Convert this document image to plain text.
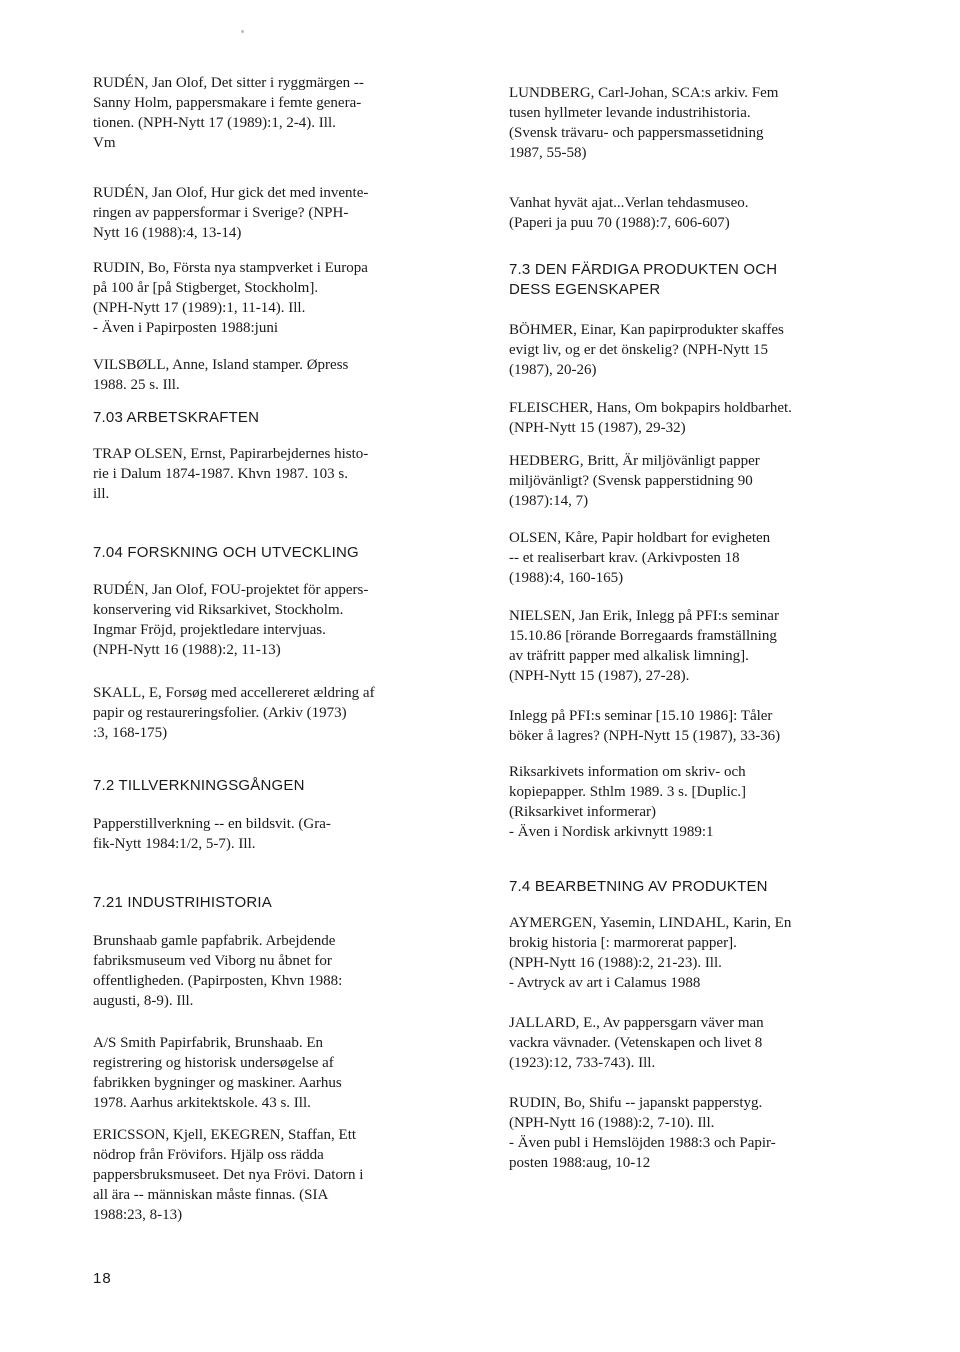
RUDÉN, Jan Olof, Det sitter i ryggmärgen --
Sanny Holm, pappersmakare i femte genera-
tionen. (NPH-Nytt 17 (1989):1, 2-4). Ill.
Vm

RUDÉN, Jan Olof, Hur gick det med invente-
ringen av pappersformar i Sverige? (NPH-
Nytt 16 (1988):4, 13-14)

RUDIN, Bo, Första nya stampverket i Europa
på 100 år [på Stigberget, Stockholm].
(NPH-Nytt 17 (1989):1, 11-14). Ill.
- Även i Papirposten 1988:juni

VILSBØLL, Anne, Island stamper. Øpress
1988. 25 s. Ill.

7.03 ARBETSKRAFTEN

TRAP OLSEN, Ernst, Papirarbejdernes histo-
rie i Dalum 1874-1987. Khvn 1987. 103 s.
ill.

7.04 FORSKNING OCH UTVECKLING

RUDÉN, Jan Olof, FOU-projektet för appers-
konservering vid Riksarkivet, Stockholm.
Ingmar Fröjd, projektledare intervjuas.
(NPH-Nytt 16 (1988):2, 11-13)

SKALL, E, Forsøg med accellereret ældring af
papir og restaureringsfolier. (Arkiv (1973)
:3, 168-175)

7.2 TILLVERKNINGSGÅNGEN

Papperstillverkning -- en bildsvit. (Gra-
fik-Nytt 1984:1/2, 5-7). Ill.

7.21 INDUSTRIHISTORIA

Brunshaab gamle papfabrik. Arbejdende
fabriksmuseum ved Viborg nu åbnet for
offentligheden. (Papirposten, Khvn 1988:
augusti, 8-9). Ill.

A/S Smith Papirfabrik, Brunshaab. En
registrering og historisk undersøgelse af
fabrikken bygninger og maskiner. Aarhus
1978. Aarhus arkitektskole. 43 s. Ill.

ERICSSON, Kjell, EKEGREN, Staffan, Ett
nödrop från Frövifors. Hjälp oss rädda
pappersbruksmuseet. Det nya Frövi. Datorn i
all ära -- människan måste finnas. (SIA
1988:23, 8-13)

LUNDBERG, Carl-Johan, SCA:s arkiv. Fem
tusen hyllmeter levande industrihistoria.
(Svensk trävaru- och pappersmassetidning
1987, 55-58)

Vanhat hyvät ajat...Verlan tehdasmuseo.
(Paperi ja puu 70 (1988):7, 606-607)

7.3 DEN FÄRDIGA PRODUKTEN OCH
DESS EGENSKAPER

BÖHMER, Einar, Kan papirprodukter skaffes
evigt liv, og er det önskelig? (NPH-Nytt 15
(1987), 20-26)

FLEISCHER, Hans, Om bokpapirs holdbarhet.
(NPH-Nytt 15 (1987), 29-32)

HEDBERG, Britt, Är miljövänligt papper
miljövänligt? (Svensk papperstidning 90
(1987):14, 7)

OLSEN, Kåre, Papir holdbart for evigheten
-- et realiserbart krav. (Arkivposten 18
(1988):4, 160-165)

NIELSEN, Jan Erik, Inlegg på PFI:s seminar
15.10.86 [rörande Borregaards framställning
av träfritt papper med alkalisk limning].
(NPH-Nytt 15 (1987), 27-28).

Inlegg på PFI:s seminar [15.10 1986]: Tåler
böker å lagres? (NPH-Nytt 15 (1987), 33-36)

Riksarkivets information om skriv- och
kopiepapper. Sthlm 1989. 3 s. [Duplic.]
(Riksarkivet informerar)
- Även i Nordisk arkivnytt 1989:1

7.4 BEARBETNING AV PRODUKTEN

AYMERGEN, Yasemin, LINDAHL, Karin, En
brokig historia [: marmorerat papper].
(NPH-Nytt 16 (1988):2, 21-23). Ill.
- Avtryck av art i Calamus 1988

JALLARD, E., Av pappersgarn väver man
vackra vävnader. (Vetenskapen och livet 8
(1923):12, 733-743). Ill.

RUDIN, Bo, Shifu -- japanskt papperstyg.
(NPH-Nytt 16 (1988):2, 7-10). Ill.
- Även publ i Hemslöjden 1988:3 och Papir-
posten 1988:aug, 10-12

18
